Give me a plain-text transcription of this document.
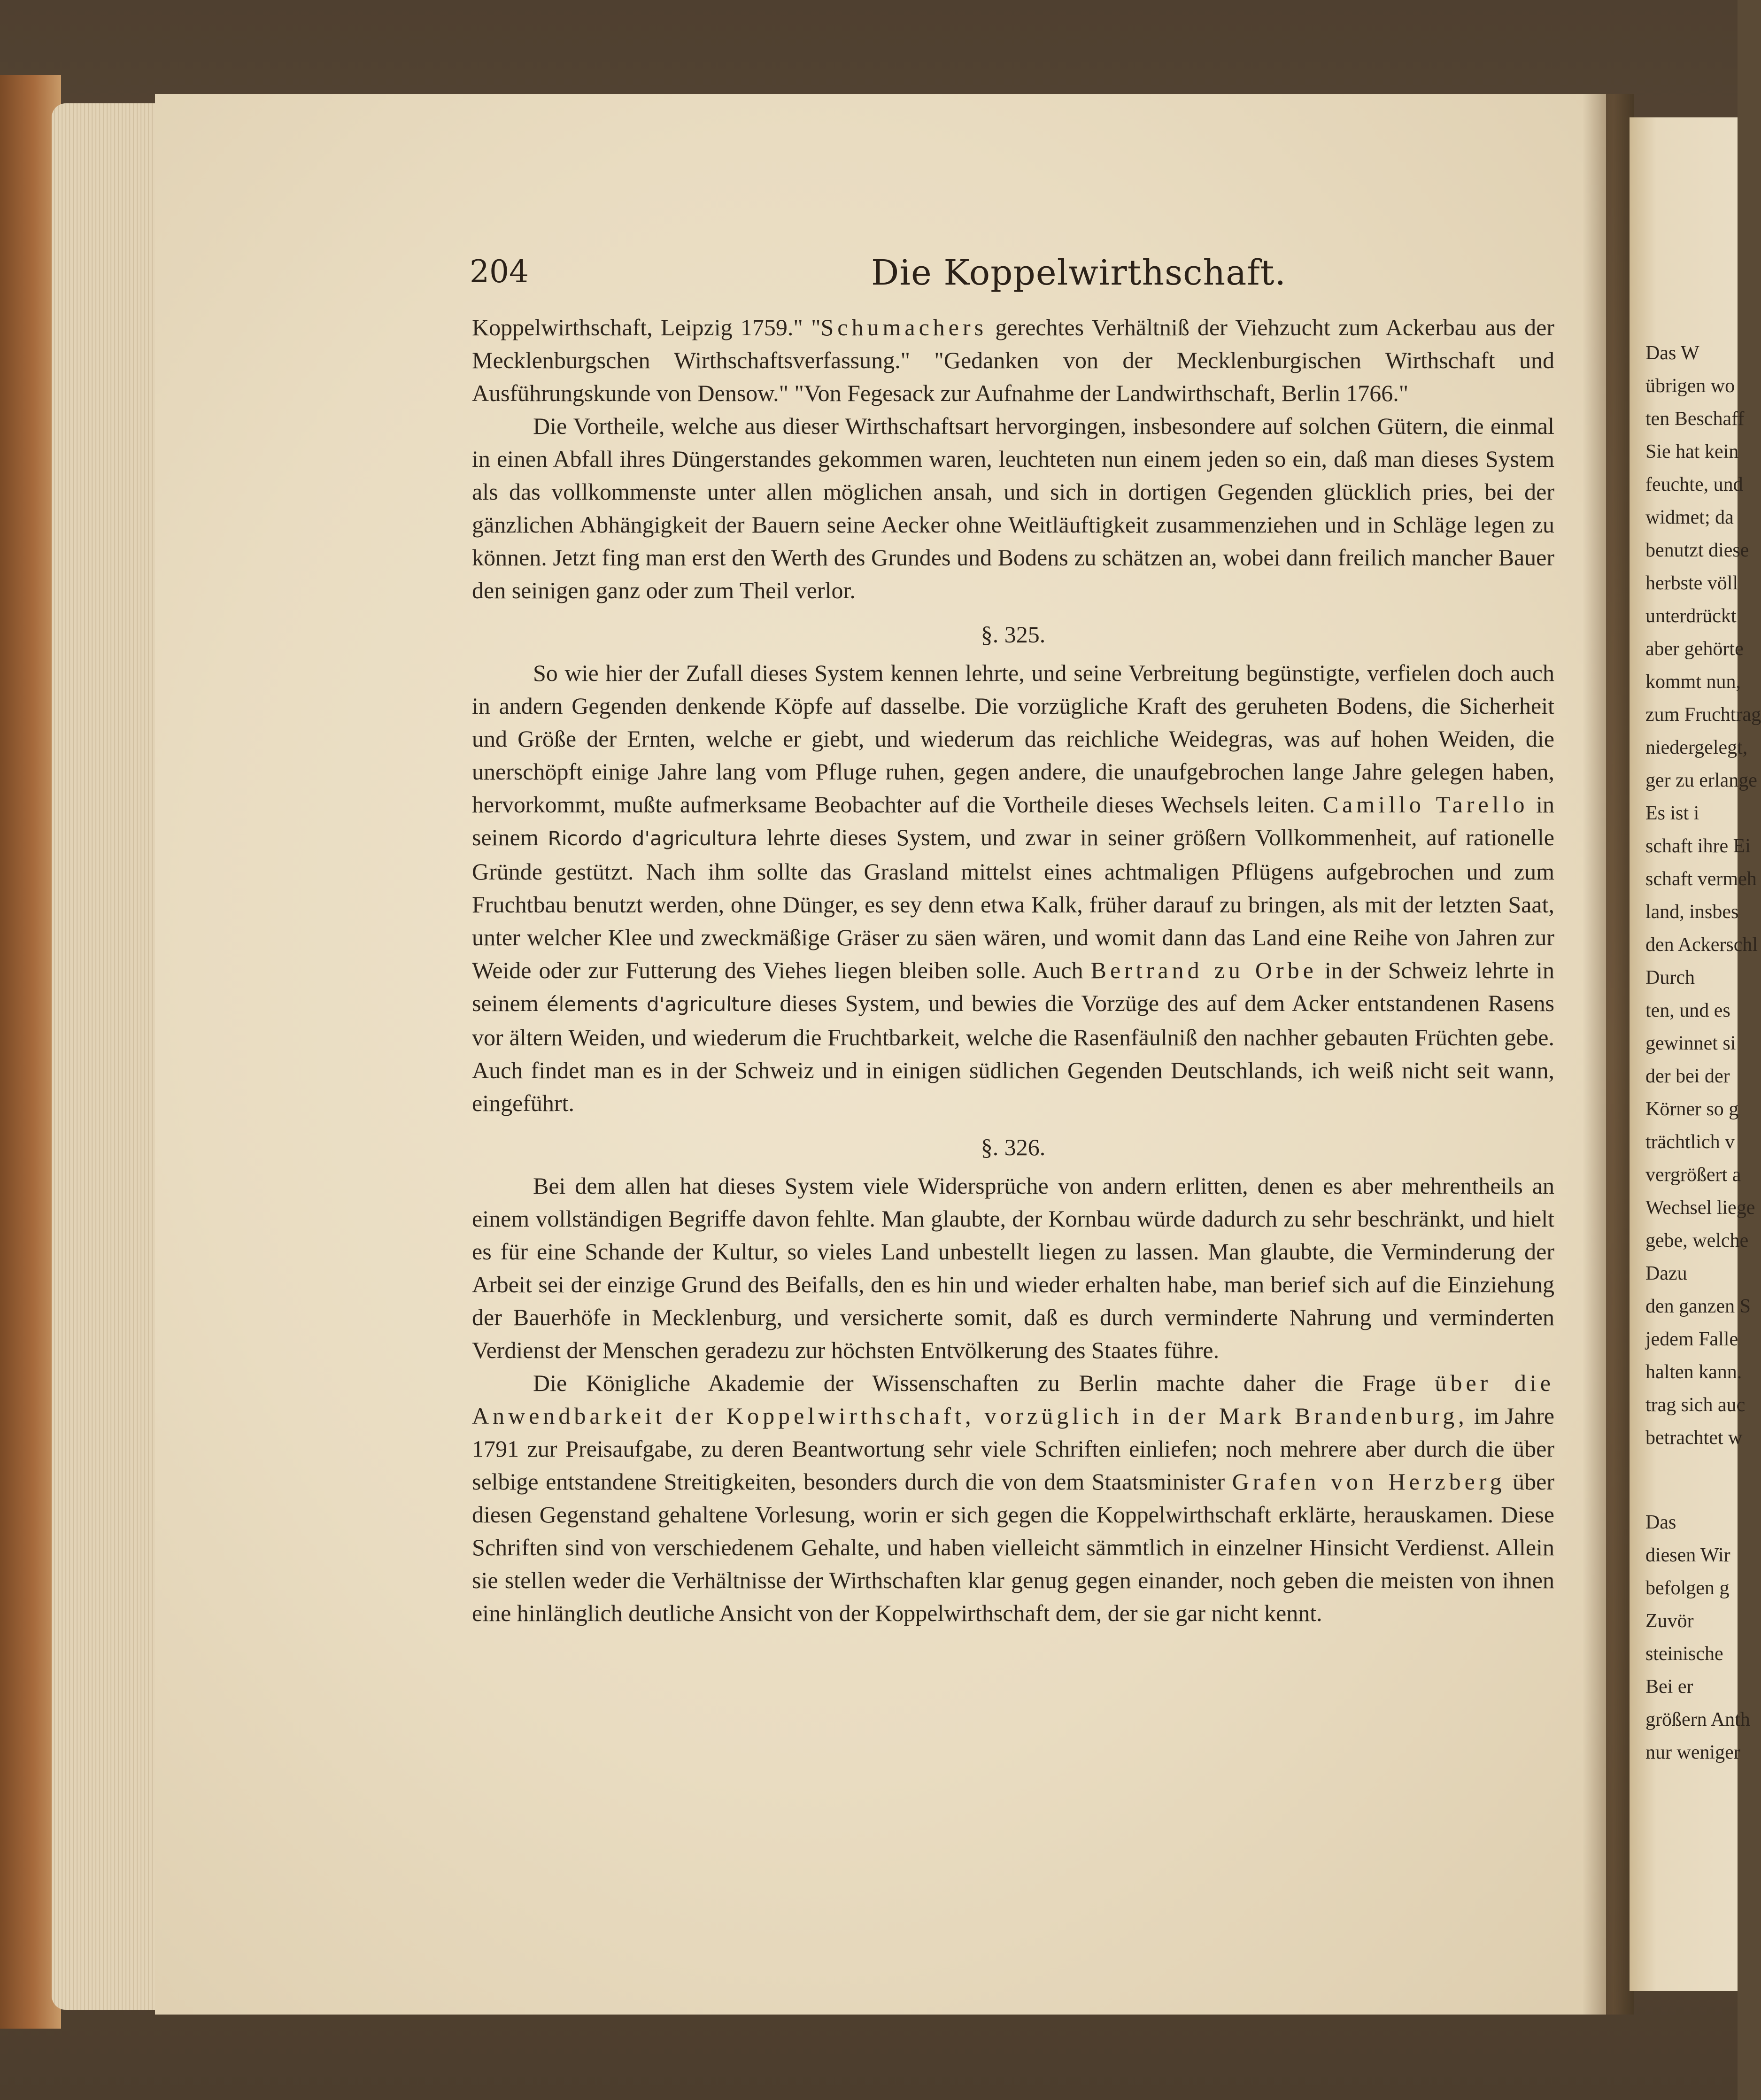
204	Die Koppelwirthschaft.

Koppelwirthschaft, Leipzig 1759." "Schumachers gerechtes Verhältniß der Viehzucht zum Ackerbau aus der Mecklenburgschen Wirthschaftsverfassung." "Gedanken von der Mecklenburgischen Wirthschaft und Ausführungskunde von Densow." "Von Fegesack zur Aufnahme der Landwirthschaft, Berlin 1766."

Die Vortheile, welche aus dieser Wirthschaftsart hervorgingen, insbesondere auf solchen Gütern, die einmal in einen Abfall ihres Düngerstandes gekommen waren, leuchteten nun einem jeden so ein, daß man dieses System als das vollkommenste unter allen möglichen ansah, und sich in dortigen Gegenden glücklich pries, bei der gänzlichen Abhängigkeit der Bauern seine Aecker ohne Weitläuftigkeit zusammenziehen und in Schläge legen zu können. Jetzt fing man erst den Werth des Grundes und Bodens zu schätzen an, wobei dann freilich mancher Bauer den seinigen ganz oder zum Theil verlor.

§. 325.

So wie hier der Zufall dieses System kennen lehrte, und seine Verbreitung begünstigte, verfielen doch auch in andern Gegenden denkende Köpfe auf dasselbe. Die vorzügliche Kraft des geruheten Bodens, die Sicherheit und Größe der Ernten, welche er giebt, und wiederum das reichliche Weidegras, was auf hohen Weiden, die unerschöpft einige Jahre lang vom Pfluge ruhen, gegen andere, die unaufgebrochen lange Jahre gelegen haben, hervorkommt, mußte aufmerksame Beobachter auf die Vortheile dieses Wechsels leiten. Camillo Tarello in seinem Ricordo d'agricultura lehrte dieses System, und zwar in seiner größern Vollkommenheit, auf rationelle Gründe gestützt. Nach ihm sollte das Grasland mittelst eines achtmaligen Pflügens aufgebrochen und zum Fruchtbau benutzt werden, ohne Dünger, es sey denn etwa Kalk, früher darauf zu bringen, als mit der letzten Saat, unter welcher Klee und zweckmäßige Gräser zu säen wären, und womit dann das Land eine Reihe von Jahren zur Weide oder zur Futterung des Viehes liegen bleiben solle. Auch Bertrand zu Orbe in der Schweiz lehrte in seinem élements d'agriculture dieses System, und bewies die Vorzüge des auf dem Acker entstandenen Rasens vor ältern Weiden, und wiederum die Fruchtbarkeit, welche die Rasenfäulniß den nachher gebauten Früchten gebe. Auch findet man es in der Schweiz und in einigen südlichen Gegenden Deutschlands, ich weiß nicht seit wann, eingeführt.

§. 326.

Bei dem allen hat dieses System viele Widersprüche von andern erlitten, denen es aber mehrentheils an einem vollständigen Begriffe davon fehlte. Man glaubte, der Kornbau würde dadurch zu sehr beschränkt, und hielt es für eine Schande der Kultur, so vieles Land unbestellt liegen zu lassen. Man glaubte, die Verminderung der Arbeit sei der einzige Grund des Beifalls, den es hin und wieder erhalten habe, man berief sich auf die Einziehung der Bauerhöfe in Mecklenburg, und versicherte somit, daß es durch verminderte Nahrung und verminderten Verdienst der Menschen geradezu zur höchsten Entvölkerung des Staates führe.

Die Königliche Akademie der Wissenschaften zu Berlin machte daher die Frage über die Anwendbarkeit der Koppelwirthschaft, vorzüglich in der Mark Brandenburg, im Jahre 1791 zur Preisaufgabe, zu deren Beantwortung sehr viele Schriften einliefen; noch mehrere aber durch die über selbige entstandene Streitigkeiten, besonders durch die von dem Staatsminister Grafen von Herzberg über diesen Gegenstand gehaltene Vorlesung, worin er sich gegen die Koppelwirthschaft erklärte, herauskamen. Diese Schriften sind von verschiedenem Gehalte, und haben vielleicht sämmtlich in einzelner Hinsicht Verdienst. Allein sie stellen weder die Verhältnisse der Wirthschaften klar genug gegen einander, noch geben die meisten von ihnen eine hinlänglich deutliche Ansicht von der Koppelwirthschaft dem, der sie gar nicht kennt.

Das W
übrigen wo
ten Beschaff
Sie hat kein
feuchte, und
widmet; da
benutzt diese
herbste völl
unterdrückt
aber gehörte
kommt nun,
zum Fruchtrag
niedergelegt,
ger zu erlange
Es ist i
schaft ihre Ei
schaft vermeh
land, insbes
den Ackerschl
Durch
ten, und es
gewinnet si
der bei der
Körner so g
trächtlich v
vergrößert a
Wechsel liege
gebe, welche
Dazu
den ganzen S
jedem Falle
halten kann.
trag sich auc
betrachtet w
Das
diesen Wir
befolgen g
Zuvör
steinische
Bei er
größern Anth
nur weniger
